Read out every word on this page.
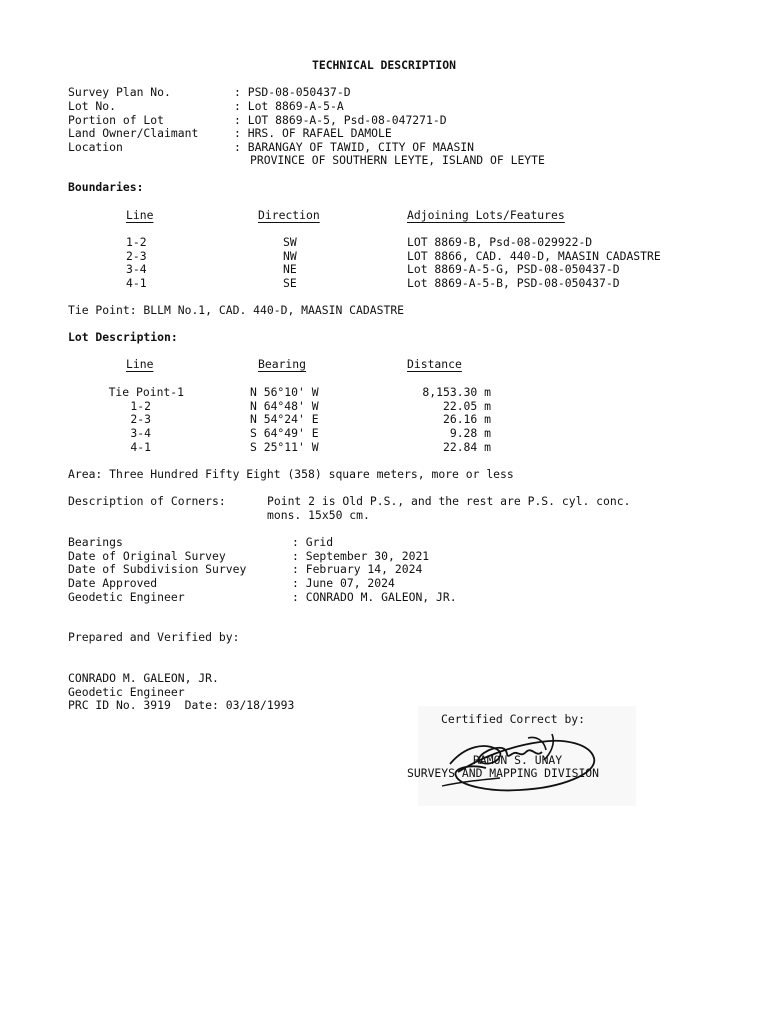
TECHNICAL DESCRIPTION
Survey Plan No.	: PSD-08-050437-D
Lot No.	: Lot 8869-A-5-A
Portion of Lot	: LOT 8869-A-5, Psd-08-047271-D
Land Owner/Claimant	: HRS. OF RAFAEL DAMOLE
Location	: BARANGAY OF TAWID, CITY OF MAASIN
PROVINCE OF SOUTHERN LEYTE, ISLAND OF LEYTE
Boundaries:
Line	Direction	Adjoining Lots/Features
1-2	SW	LOT 8869-B, Psd-08-029922-D
2-3	NW	LOT 8866, CAD. 440-D, MAASIN CADASTRE
3-4	NE	Lot 8869-A-5-G, PSD-08-050437-D
4-1	SE	Lot 8869-A-5-B, PSD-08-050437-D
Tie Point: BLLM No.1, CAD. 440-D, MAASIN CADASTRE
Lot Description:
Line	Bearing	Distance
Tie Point-1	N 56°10' W	8,153.30 m
1-2	N 64°48' W	22.05 m
2-3	N 54°24' E	26.16 m
3-4	S 64°49' E	9.28 m
4-1	S 25°11' W	22.84 m
Area: Three Hundred Fifty Eight (358) square meters, more or less
Description of Corners:	Point 2 is Old P.S., and the rest are P.S. cyl. conc.
mons. 15x50 cm.
Bearings	: Grid
Date of Original Survey	: September 30, 2021
Date of Subdivision Survey	: February 14, 2024
Date Approved	: June 07, 2024
Geodetic Engineer	: CONRADO M. GALEON, JR.
Prepared and Verified by:
CONRADO M. GALEON, JR.
Geodetic Engineer
PRC ID No. 3919  Date: 03/18/1993
Certified Correct by:
RAMON S. UNAY
SURVEYS AND MAPPING DIVISION
